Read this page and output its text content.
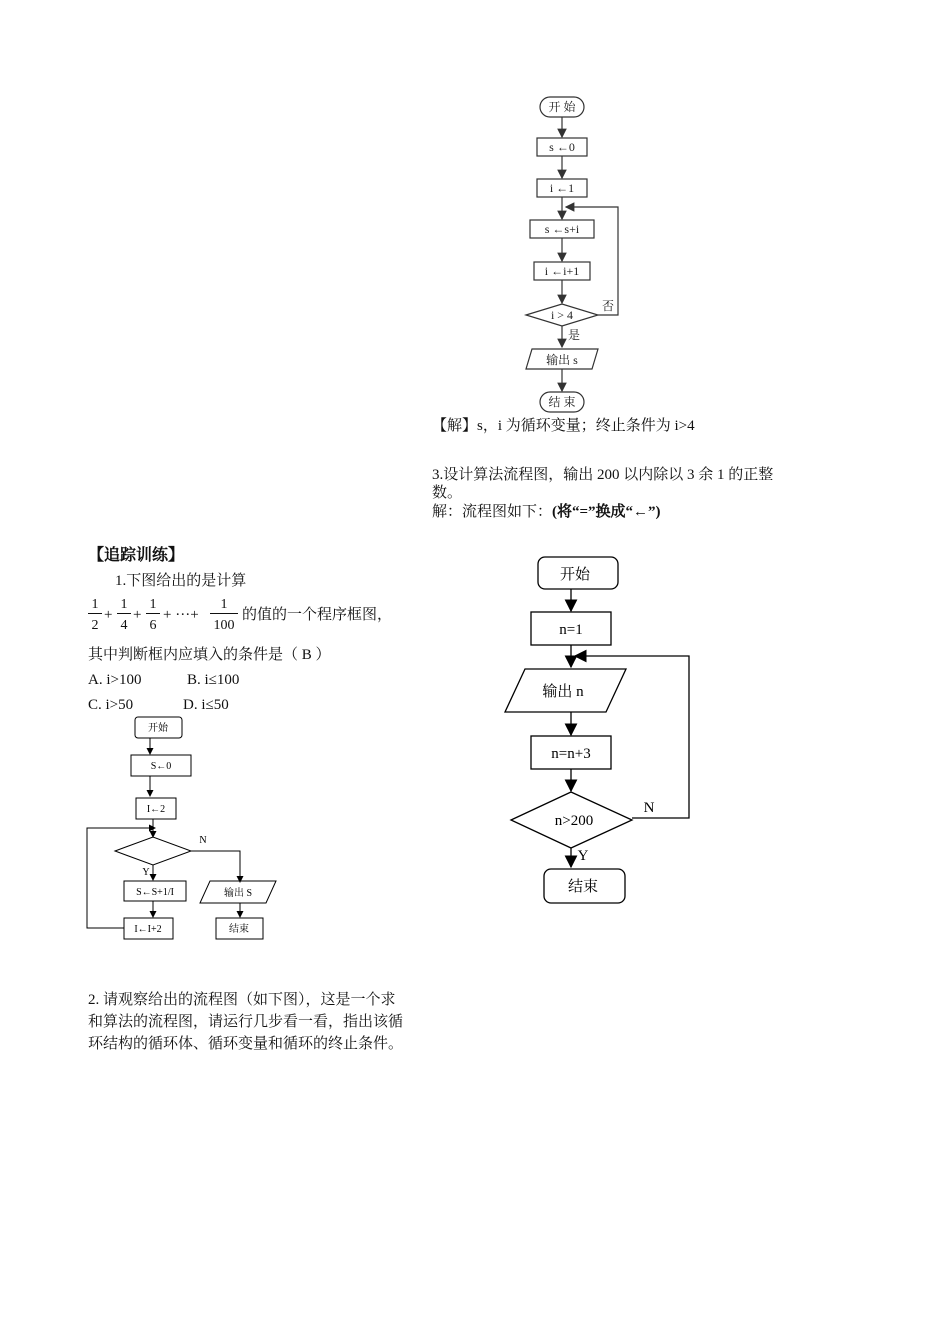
开 始
s ←0
i ←1
s ←s+i
i ←i+1
i > 4
否
是
输出 s
结 束
【解】s，i 为循环变量；终止条件为 i>4
3.设计算法流程图，输出 200 以内除以 3 余 1 的正整数。
解：流程图如下：(将“=”换成“←”)
开始
n=1
输出 n
n=n+3
n>200
N
Y
结束
【追踪训练】
1.下图给出的是计算
$\frac{1}{2} + \frac{1}{4} + \frac{1}{6}$ + ···+ $\frac{1}{100}$ 的值的一个程序框图，
其中判断框内应填入的条件是（ B ）
A. i>100	B. i≤100
C. i>50	D. i≤50
开始
S←0
I←2
N
Y
S←S+1/I	输出 S
I←I+2	结束
2. 请观察给出的流程图（如下图），这是一个求和算法的流程图，请运行几步看一看，指出该循环结构的循环体、循环变量和循环的终止条件。
